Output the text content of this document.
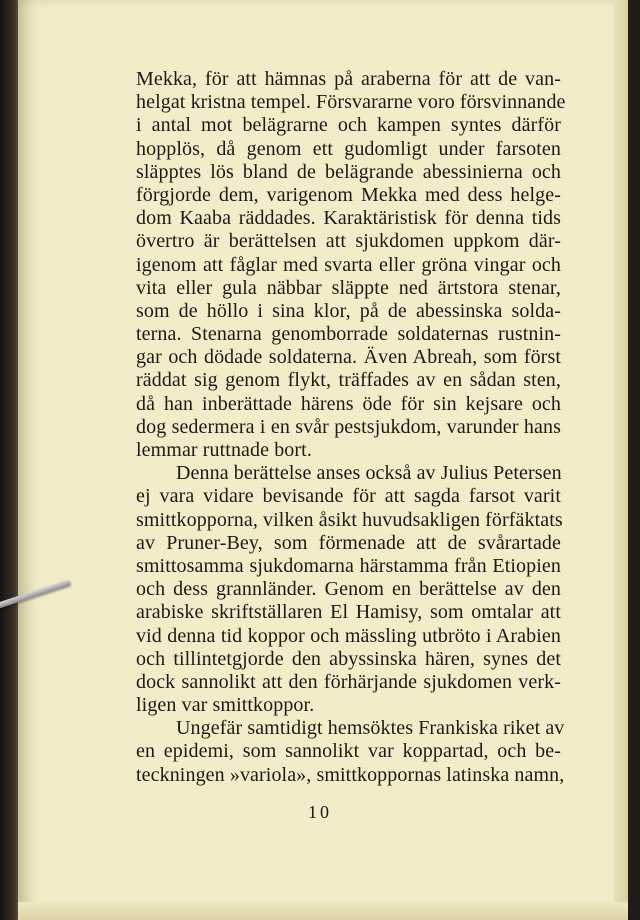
Mekka, för att hämnas på araberna för att de van-
helgat kristna tempel. Försvararne voro försvinnande
i antal mot belägrarne och kampen syntes därför
hopplös, då genom ett gudomligt under farsoten
släpptes lös bland de belägrande abessinierna och
förgjorde dem, varigenom Mekka med dess helge-
dom Kaaba räddades. Karaktäristisk för denna tids
övertro är berättelsen att sjukdomen uppkom där-
igenom att fåglar med svarta eller gröna vingar och
vita eller gula näbbar släppte ned ärtstora stenar,
som de höllo i sina klor, på de abessinska solda-
terna. Stenarna genomborrade soldaternas rustnin-
gar och dödade soldaterna. Även Abreah, som först
räddat sig genom flykt, träffades av en sådan sten,
då han inberättade härens öde för sin kejsare och
dog sedermera i en svår pestsjukdom, varunder hans
lemmar ruttnade bort.
Denna berättelse anses också av Julius Petersen
ej vara vidare bevisande för att sagda farsot varit
smittkopporna, vilken åsikt huvudsakligen förfäktats
av Pruner-Bey, som förmenade att de svårartade
smittosamma sjukdomarna härstamma från Etiopien
och dess grannländer. Genom en berättelse av den
arabiske skriftställaren El Hamisy, som omtalar att
vid denna tid koppor och mässling utbröto i Arabien
och tillintetgjorde den abyssinska hären, synes det
dock sannolikt att den förhärjande sjukdomen verk-
ligen var smittkoppor.
Ungefär samtidigt hemsöktes Frankiska riket av
en epidemi, som sannolikt var koppartad, och be-
teckningen »variola», smittkoppornas latinska namn,
10
